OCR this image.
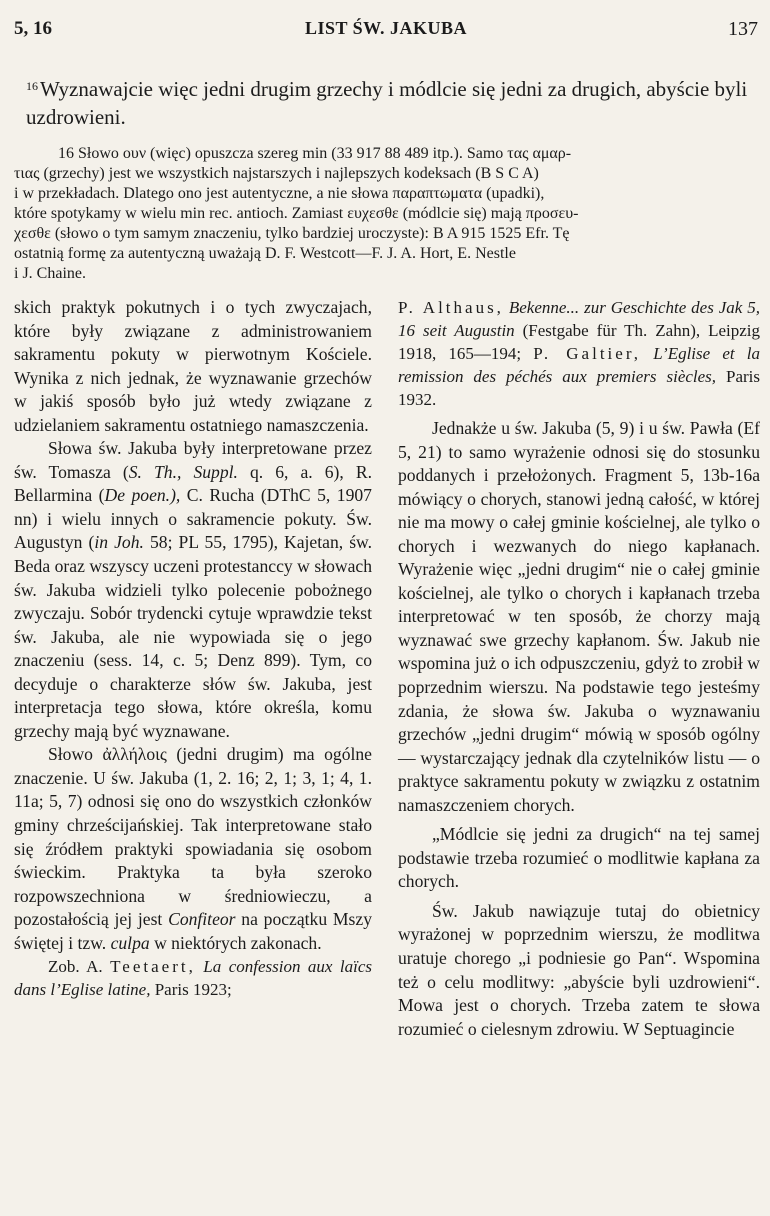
5, 16	LIST ŚW. JAKUBA	137
$^{16}$Wyznawajcie więc jedni drugim grzechy i módlcie się jedni za drugich, abyście byli uzdrowieni.

16 Słowo ουν (więc) opuszcza szereg min (33 917 88 489 itp.). Samo τας αμαρ-

τιας (grzechy) jest we wszystkich najstarszych i najlepszych kodeksach (B S C A)

i w przekładach. Dlatego ono jest autentyczne, a nie słowa παραπτωματα (upadki),

które spotykamy w wielu min rec. antioch. Zamiast ευχεσθε (módlcie się) mają προσευ-

χεσθε (słowo o tym samym znaczeniu, tylko bardziej uroczyste): B A 915 1525 Efr. Tę

ostatnią formę za autentyczną uważają D. F. Westcott—F. J. A. Hort, E. Nestle

i J. Chaine.

skich praktyk pokutnych i o tych zwyczajach, które były związane z administrowaniem sakramentu pokuty w pierwotnym Kościele. Wynika z nich jednak, że wyznawanie grzechów w jakiś sposób było już wtedy związane z udzielaniem sakramentu ostatniego namaszczenia.

Słowa św. Jakuba były interpretowane przez św. Tomasza (S. Th., Suppl. q. 6, a. 6), R. Bellarmina (De poen.), C. Rucha (DThC 5, 1907 nn) i wielu innych o sakramencie pokuty. Św. Augustyn (in Joh. 58; PL 55, 1795), Kajetan, św. Beda oraz wszyscy uczeni protestanccy w słowach św. Jakuba widzieli tylko polecenie pobożnego zwyczaju. Sobór trydencki cytuje wprawdzie tekst św. Jakuba, ale nie wypowiada się o jego znaczeniu (sess. 14, c. 5; Denz 899). Tym, co decyduje o charakterze słów św. Jakuba, jest interpretacja tego słowa, które określa, komu grzechy mają być wyznawane.

Słowo ἀλλήλοις (jedni drugim) ma ogólne znaczenie. U św. Jakuba (1, 2. 16; 2, 1; 3, 1; 4, 1. 11a; 5, 7) odnosi się ono do wszystkich członków gminy chrześcijańskiej. Tak interpretowane stało się źródłem praktyki spowiadania się osobom świeckim. Praktyka ta była szeroko rozpowszechniona w średniowieczu, a pozostałością jej jest Confiteor na początku Mszy świętej i tzw. culpa w niektórych zakonach.

Zob. A. Teetaert, La confession aux laïcs dans l’Eglise latine, Paris 1923;

P. Althaus, Bekenne... zur Geschichte des Jak 5, 16 seit Augustin (Festgabe für Th. Zahn), Leipzig 1918, 165—194; P. Galtier, L’Eglise et la remission des péchés aux premiers siècles, Paris 1932.

Jednakże u św. Jakuba (5, 9) i u św. Pawła (Ef 5, 21) to samo wyrażenie odnosi się do stosunku poddanych i przełożonych. Fragment 5, 13b-16a mówiący o chorych, stanowi jedną całość, w której nie ma mowy o całej gminie kościelnej, ale tylko o chorych i wezwanych do niego kapłanach. Wyrażenie więc „jedni drugim“ nie o całej gminie kościelnej, ale tylko o chorych i kapłanach trzeba interpretować w ten sposób, że chorzy mają wyznawać swe grzechy kapłanom. Św. Jakub nie wspomina już o ich odpuszczeniu, gdyż to zrobił w poprzednim wierszu. Na podstawie tego jesteśmy zdania, że słowa św. Jakuba o wyznawaniu grzechów „jedni drugim“ mówią w sposób ogólny — wystarczający jednak dla czytelników listu — o praktyce sakramentu pokuty w związku z ostatnim namaszczeniem chorych.

„Módlcie się jedni za drugich“ na tej samej podstawie trzeba rozumieć o modlitwie kapłana za chorych.

Św. Jakub nawiązuje tutaj do obietnicy wyrażonej w poprzednim wierszu, że modlitwa uratuje chorego „i podniesie go Pan“. Wspomina też o celu modlitwy: „abyście byli uzdrowieni“. Mowa jest o chorych. Trzeba zatem te słowa rozumieć o cielesnym zdrowiu. W Septuagincie
